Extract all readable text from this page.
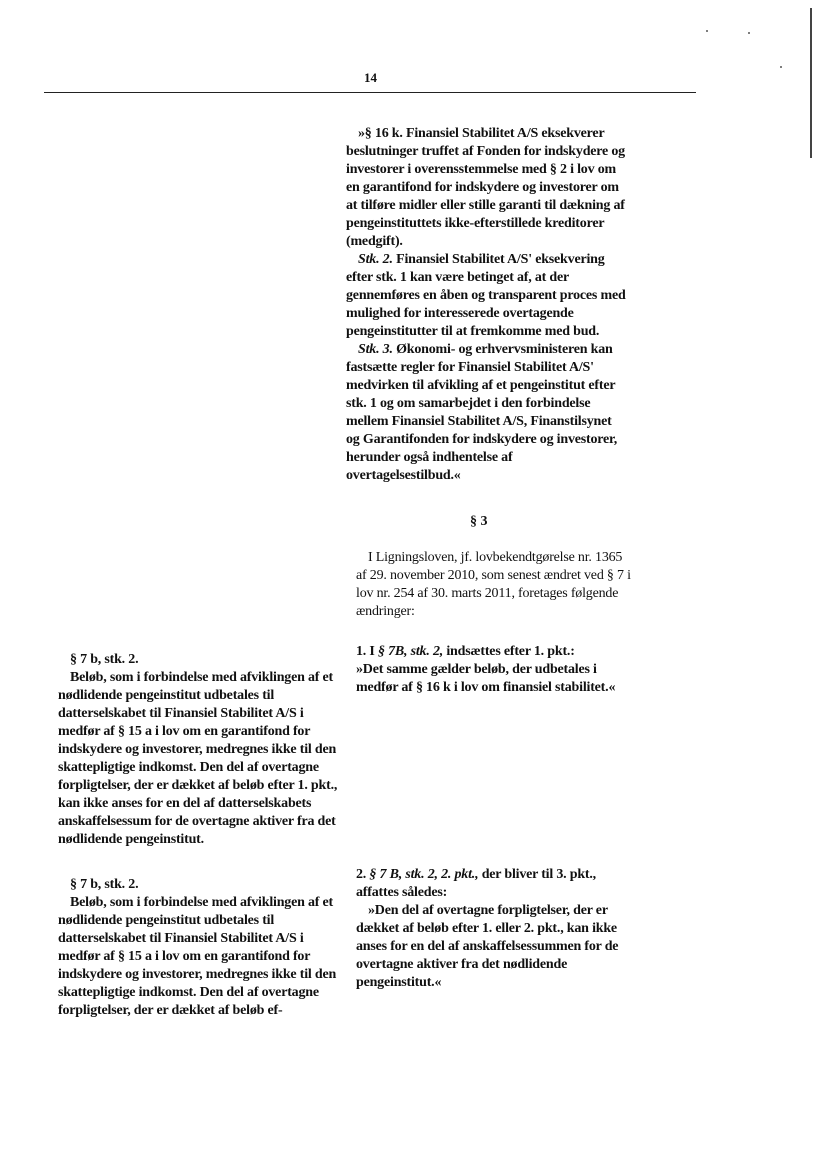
14

»§ 16 k. Finansiel Stabilitet A/S eksekverer beslutninger truffet af Fonden for indskydere og investorer i overensstemmelse med § 2 i lov om en garantifond for indskydere og investorer om at tilføre midler eller stille garanti til dækning af pengeinstituttets ikke-efterstillede kreditorer (medgift).

Stk. 2. Finansiel Stabilitet A/S' eksekvering efter stk. 1 kan være betinget af, at der gennemføres en åben og transparent proces med mulighed for interesserede overtagende pengeinstitutter til at fremkomme med bud.

Stk. 3. Økonomi- og erhvervsministeren kan fastsætte regler for Finansiel Stabilitet A/S' medvirken til afvikling af et pengeinstitut efter stk. 1 og om samarbejdet i den forbindelse mellem Finansiel Stabilitet A/S, Finanstilsynet og Garantifonden for indskydere og investorer, herunder også indhentelse af overtagelsestilbud.«

§ 3

I Ligningsloven, jf. lovbekendtgørelse nr. 1365 af 29. november 2010, som senest ændret ved § 7 i lov nr. 254 af 30. marts 2011, foretages følgende ændringer:

1. I § 7B, stk. 2, indsættes efter 1. pkt.:

»Det samme gælder beløb, der udbetales i medfør af § 16 k i lov om finansiel stabilitet.«

2. § 7 B, stk. 2, 2. pkt., der bliver til 3. pkt., affattes således:

»Den del af overtagne forpligtelser, der er dækket af beløb efter 1. eller 2. pkt., kan ikke anses for en del af anskaffelsessummen for de overtagne aktiver fra det nødlidende pengeinstitut.«

§ 7 b, stk. 2.

Beløb, som i forbindelse med afviklingen af et nødlidende pengeinstitut udbetales til datterselskabet til Finansiel Stabilitet A/S i medfør af § 15 a i lov om en garantifond for indskydere og investorer, medregnes ikke til den skattepligtige indkomst. Den del af overtagne forpligtelser, der er dækket af beløb efter 1. pkt., kan ikke anses for en del af datterselskabets anskaffelsessum for de overtagne aktiver fra det nødlidende pengeinstitut.

§ 7 b, stk. 2.

Beløb, som i forbindelse med afviklingen af et nødlidende pengeinstitut udbetales til datterselskabet til Finansiel Stabilitet A/S i medfør af § 15 a i lov om en garantifond for indskydere og investorer, medregnes ikke til den skattepligtige indkomst. Den del af overtagne forpligtelser, der er dækket af beløb ef-
